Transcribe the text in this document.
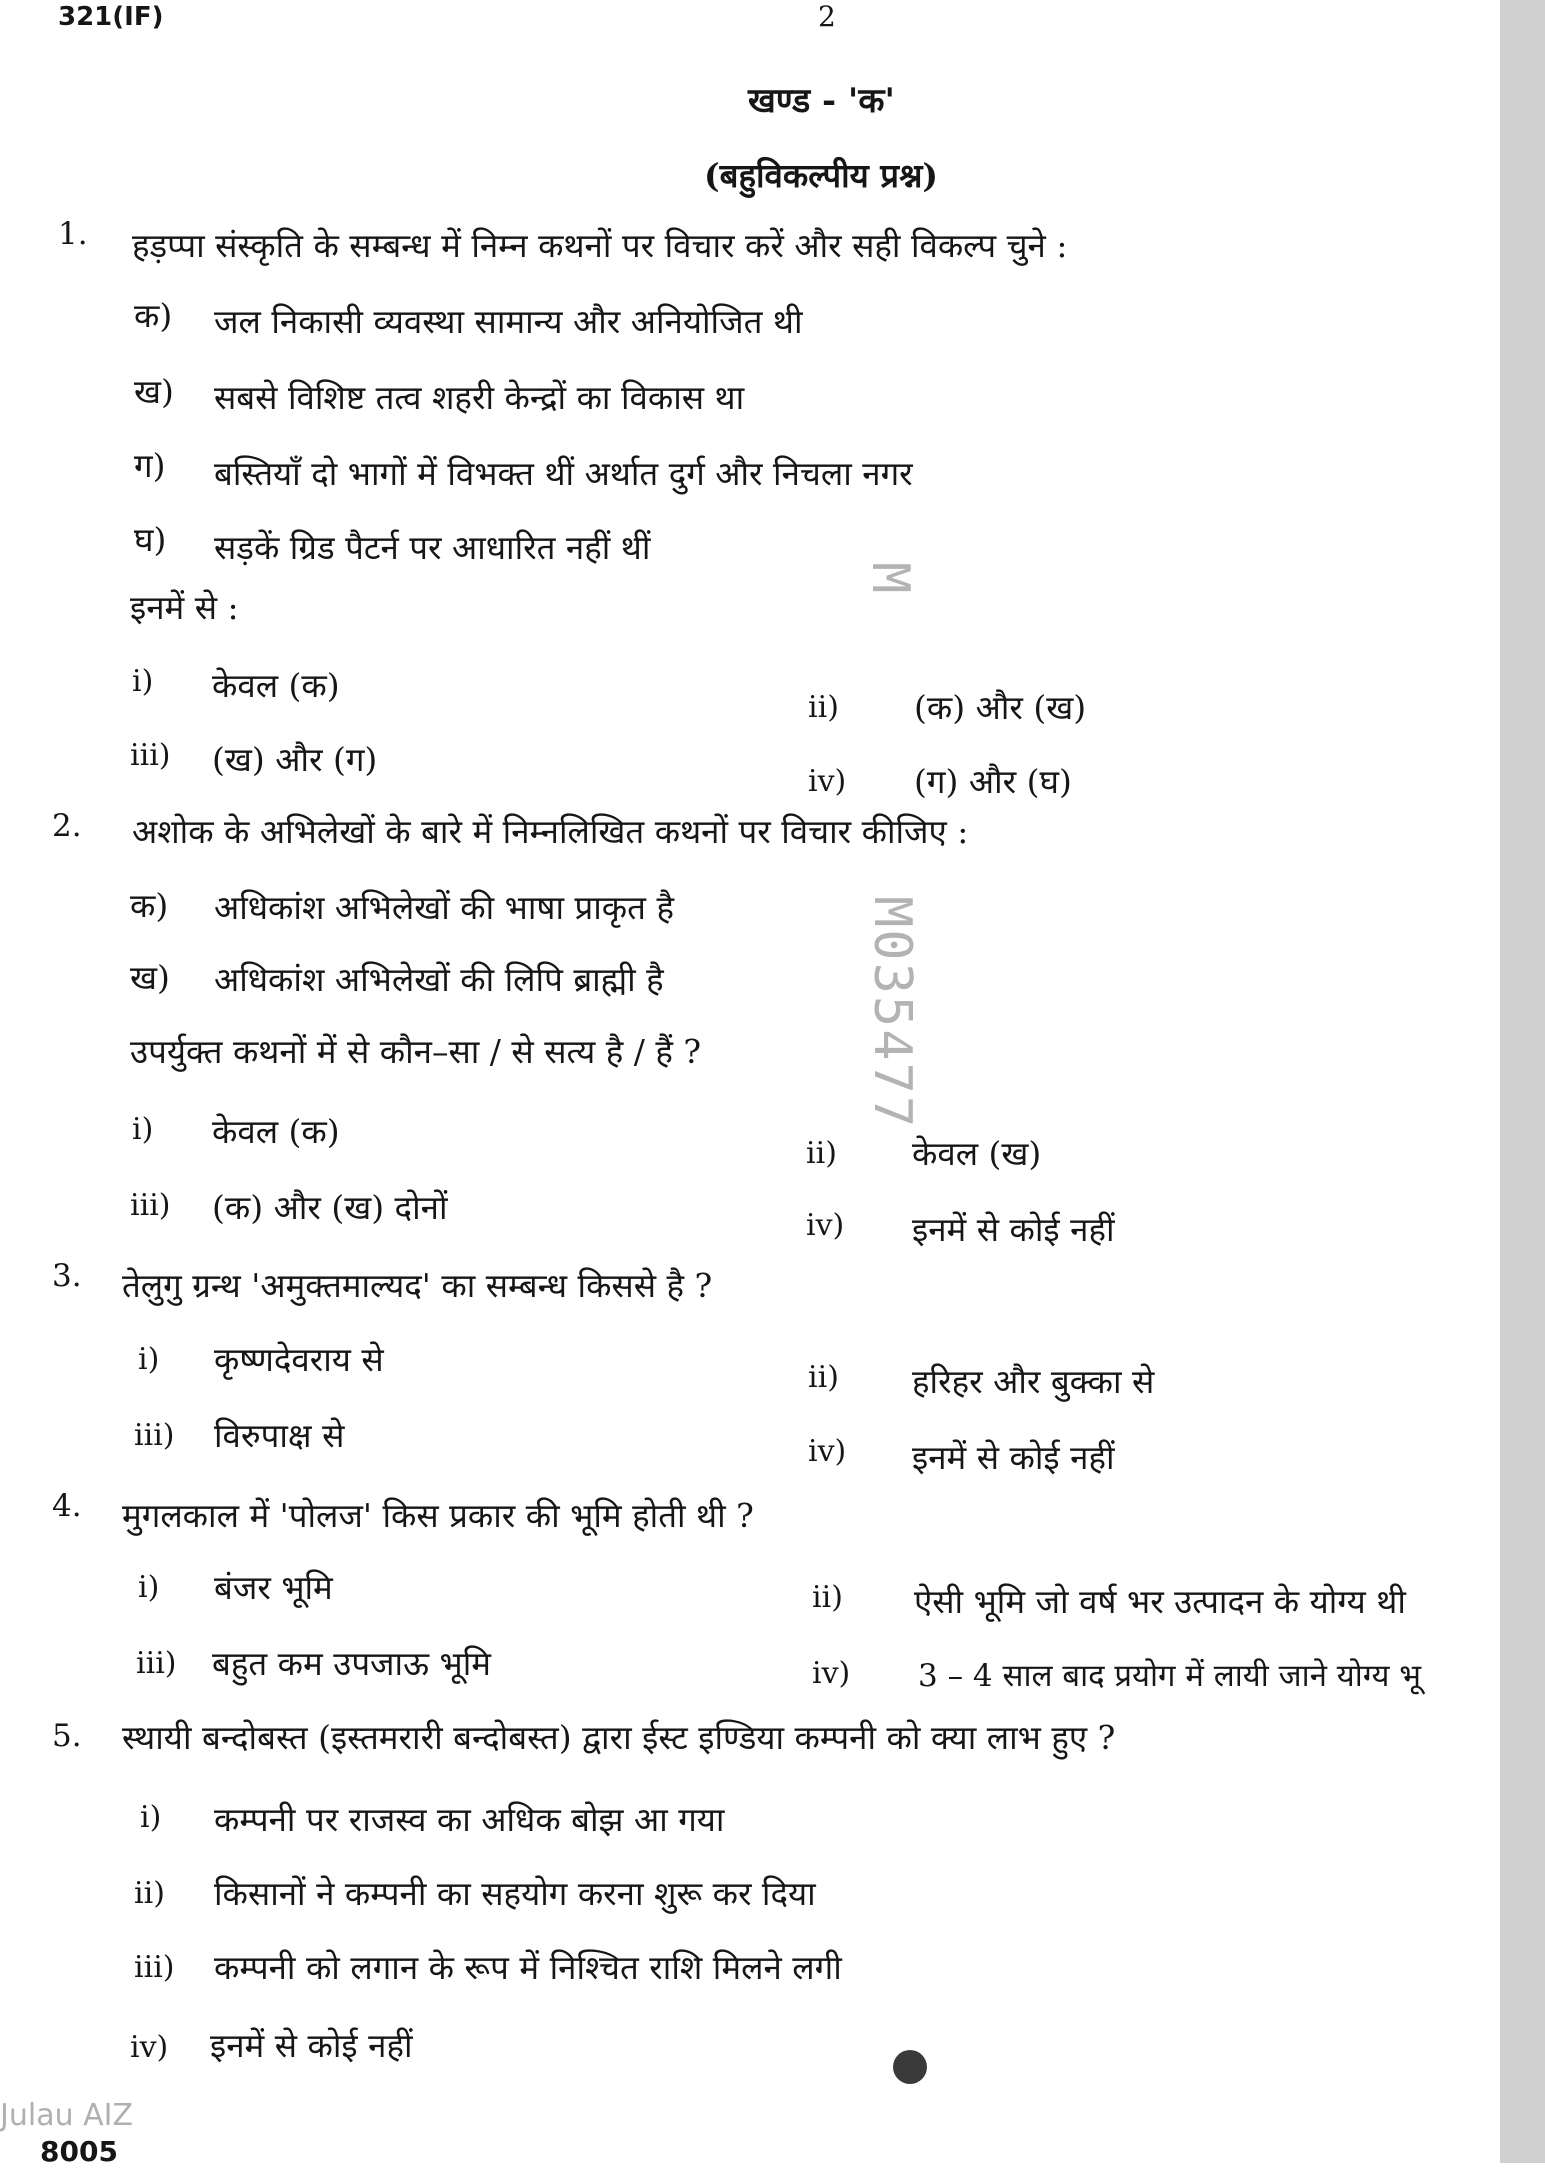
321(IF)	2
खण्ड - 'क'
(बहुविकल्पीय प्रश्न)
1. हड़प्पा संस्कृति के सम्बन्ध में निम्न कथनों पर विचार करें और सही विकल्प चुने :
क) जल निकासी व्यवस्था सामान्य और अनियोजित थी
ख) सबसे विशिष्ट तत्व शहरी केन्द्रों का विकास था
ग) बस्तियाँ दो भागों में विभक्त थीं अर्थात दुर्ग और निचला नगर
घ) सड़कें ग्रिड पैटर्न पर आधारित नहीं थीं
इनमें से :
i) केवल (क)
ii) (क) और (ख)
iii) (ख) और (ग)
iv) (ग) और (घ)
2. अशोक के अभिलेखों के बारे में निम्नलिखित कथनों पर विचार कीजिए :
क) अधिकांश अभिलेखों की भाषा प्राकृत है
ख) अधिकांश अभिलेखों की लिपि ब्राह्मी है
उपर्युक्त कथनों में से कौन–सा / से सत्य है / हैं ?
i) केवल (क)
ii) केवल (ख)
iii) (क) और (ख) दोनों	iv) इनमें से कोई नहीं
3. तेलुगु ग्रन्थ 'अमुक्तमाल्यद' का सम्बन्ध किससे है ?
i) कृष्णदेवराय से	ii) हरिहर और बुक्का से
iii) विरुपाक्ष से	iv) इनमें से कोई नहीं
4. मुगलकाल में 'पोलज' किस प्रकार की भूमि होती थी ?
i) बंजर भूमि	ii) ऐसी भूमि जो वर्ष भर उत्पादन के योग्य थी
iii) बहुत कम उपजाऊ भूमि	iv) 3 – 4 साल बाद प्रयोग में लायी जाने योग्य भू
5. स्थायी बन्दोबस्त (इस्तमरारी बन्दोबस्त) द्वारा ईस्ट इण्डिया कम्पनी को क्या लाभ हुए ?
i) कम्पनी पर राजस्व का अधिक बोझ आ गया
ii) किसानों ने कम्पनी का सहयोग करना शुरू कर दिया
iii) कम्पनी को लगान के रूप में निश्चित राशि मिलने लगी
iv) इनमें से कोई नहीं
M
M035477
Julau AIZ
8005
